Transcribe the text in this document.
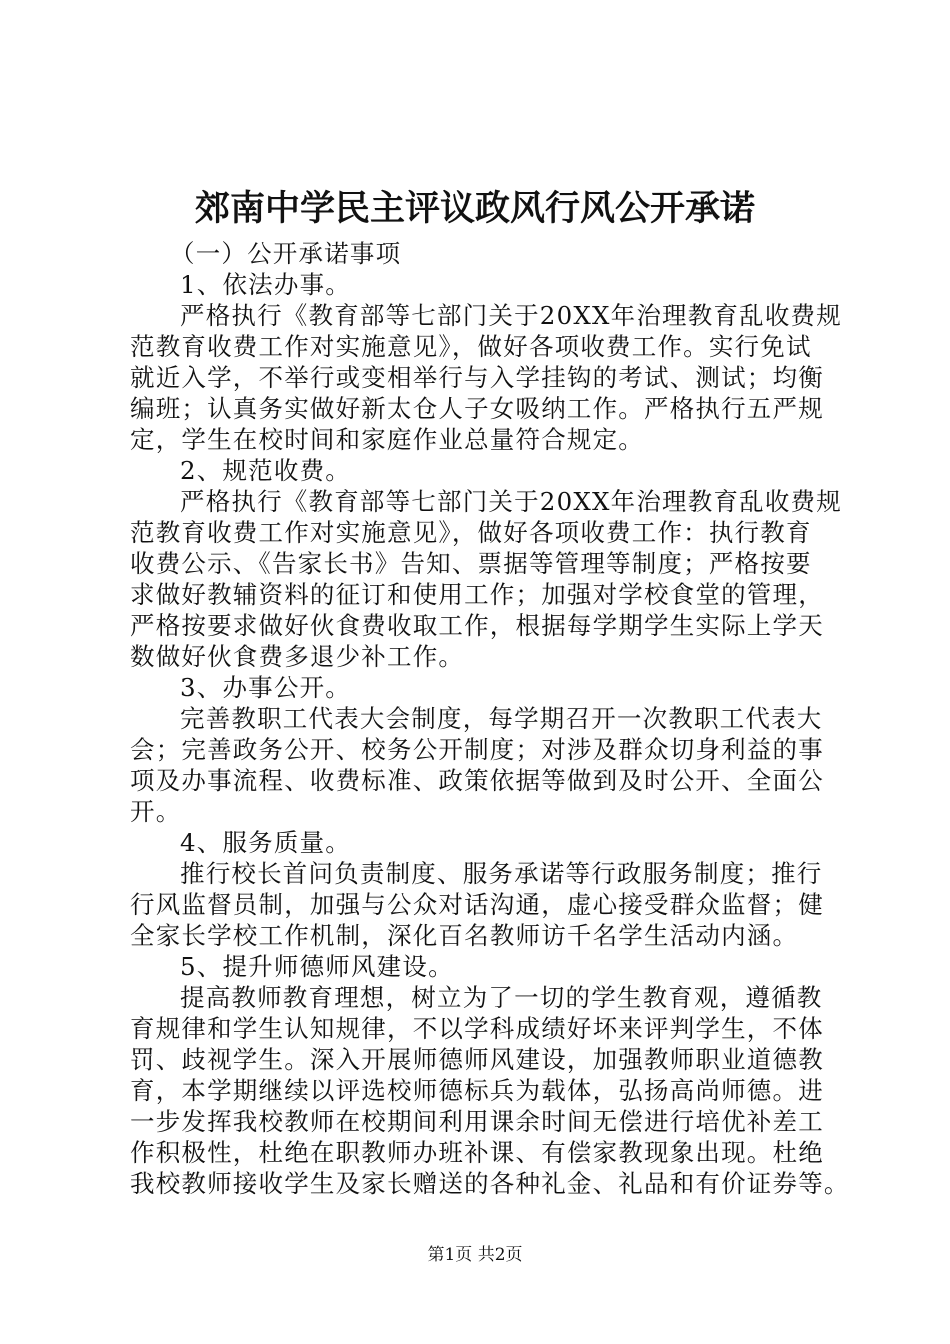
郊南中学民主评议政风行风公开承诺
（一）公开承诺事项
1、依法办事。
严格执行《教育部等七部门关于20XX年治理教育乱收费规
范教育收费工作对实施意见》，做好各项收费工作。实行免试
就近入学，不举行或变相举行与入学挂钩的考试、测试；均衡
编班；认真务实做好新太仓人子女吸纳工作。严格执行五严规
定，学生在校时间和家庭作业总量符合规定。
2、规范收费。
严格执行《教育部等七部门关于20XX年治理教育乱收费规
范教育收费工作对实施意见》，做好各项收费工作：执行教育
收费公示、《告家长书》告知、票据等管理等制度；严格按要
求做好教辅资料的征订和使用工作；加强对学校食堂的管理，
严格按要求做好伙食费收取工作，根据每学期学生实际上学天
数做好伙食费多退少补工作。
3、办事公开。
完善教职工代表大会制度，每学期召开一次教职工代表大
会；完善政务公开、校务公开制度；对涉及群众切身利益的事
项及办事流程、收费标准、政策依据等做到及时公开、全面公
开。
4、服务质量。
推行校长首问负责制度、服务承诺等行政服务制度；推行
行风监督员制，加强与公众对话沟通，虚心接受群众监督；健
全家长学校工作机制，深化百名教师访千名学生活动内涵。
5、提升师德师风建设。
提高教师教育理想，树立为了一切的学生教育观，遵循教
育规律和学生认知规律，不以学科成绩好坏来评判学生，不体
罚、歧视学生。深入开展师德师风建设，加强教师职业道德教
育，本学期继续以评选校师德标兵为载体，弘扬高尚师德。进
一步发挥我校教师在校期间利用课余时间无偿进行培优补差工
作积极性，杜绝在职教师办班补课、有偿家教现象出现。杜绝
我校教师接收学生及家长赠送的各种礼金、礼品和有价证券等。
第1页 共2页
